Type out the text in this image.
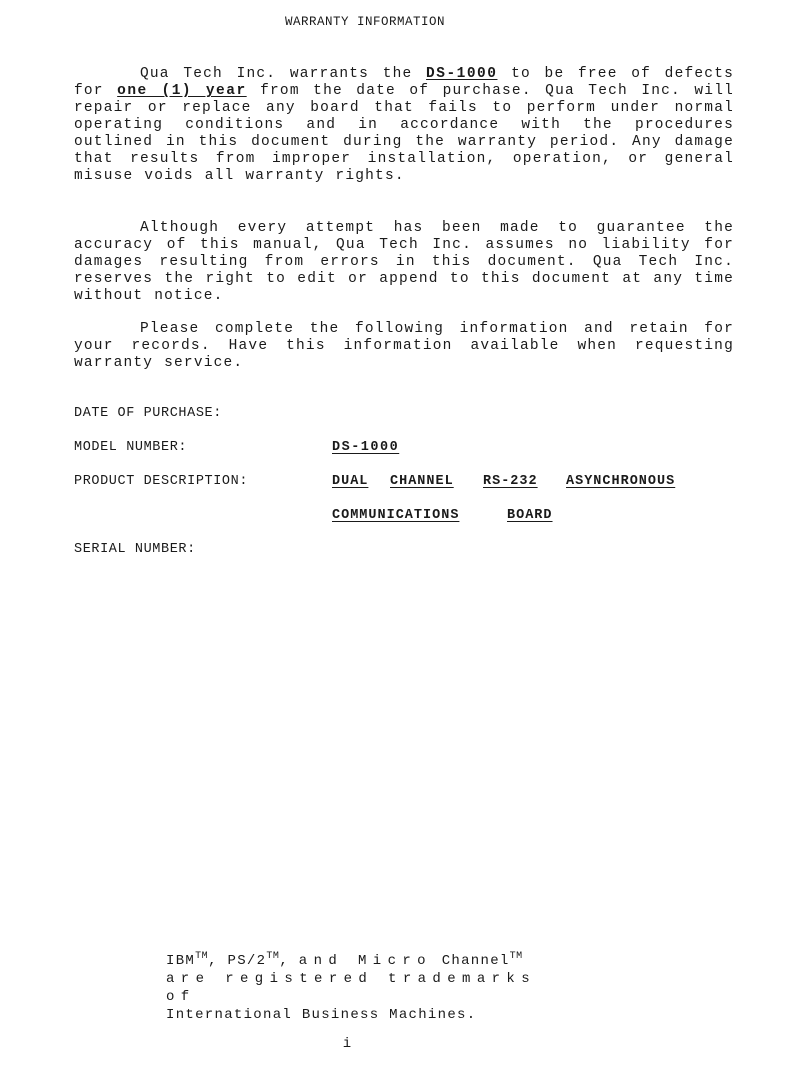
WARRANTY INFORMATION
Qua Tech Inc. warrants the DS-1000 to be free of defects for one (1) year from the date of purchase. Qua Tech Inc. will repair or replace any board that fails to perform under normal operating conditions and in accordance with the procedures outlined in this document during the warranty period. Any damage that results from improper installation, operation, or general misuse voids all warranty rights.
Although every attempt has been made to guarantee the accuracy of this manual, Qua Tech Inc. assumes no liability for damages resulting from errors in this document. Qua Tech Inc. reserves the right to edit or append to this document at any time without notice.
Please complete the following information and retain for your records. Have this information available when requesting warranty service.
DATE OF PURCHASE:
MODEL NUMBER:	DS-1000
PRODUCT DESCRIPTION:	DUAL CHANNEL RS-232 ASYNCHRONOUS
COMMUNICATIONS	BOARD
SERIAL NUMBER:
IBM™, PS/2™, and Micro Channel™
are registered trademarks of
International Business Machines.
i
